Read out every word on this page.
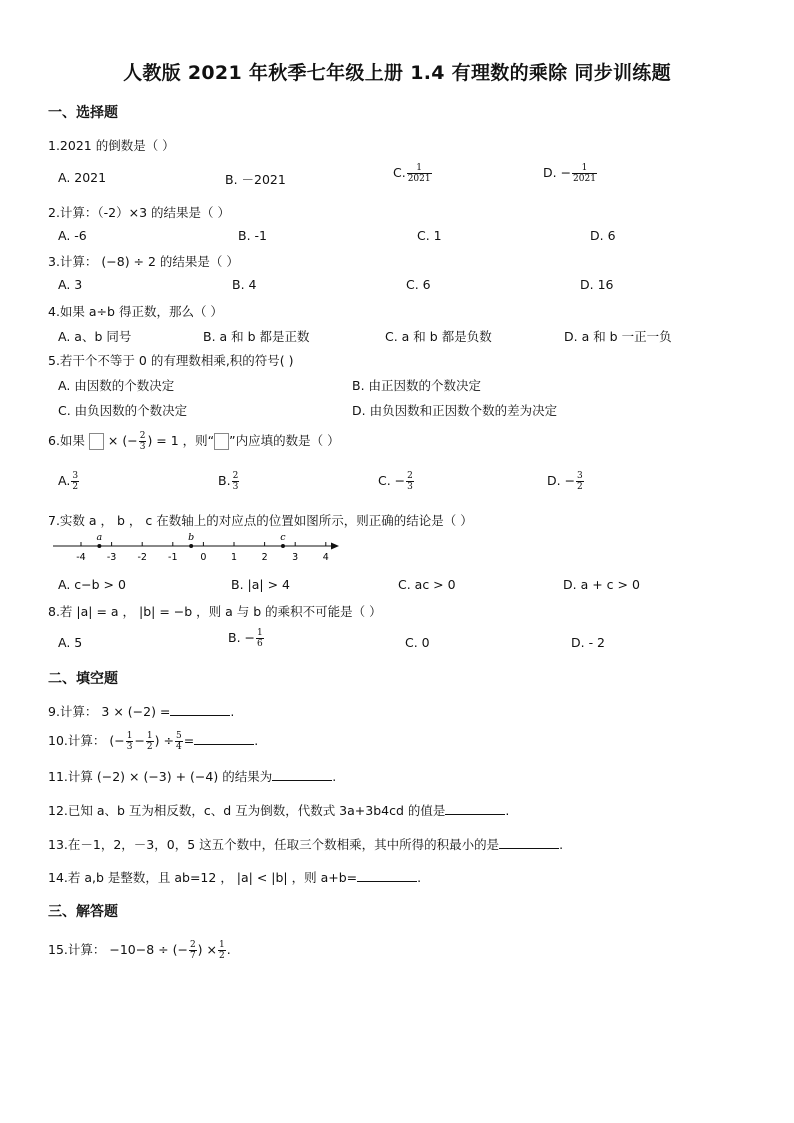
人教版 2021 年秋季七年级上册 1.4 有理数的乘除 同步训练题
一、选择题
1.2021 的倒数是（ ）
A. 2021	B. －2021	C. $\frac{1}{2021}$	D. − $\frac{1}{2021}$
2.计算：（-2）×3 的结果是（ ）
A. -6	B. -1	C. 1	D. 6
3.计算： (−8) ÷ 2 的结果是（ ）
A. 3	B. 4	C. 6	D. 16
4.如果 a÷b 得正数，那么（ ）
A. a、b 同号	B. a 和 b 都是正数	C. a 和 b 都是负数	D. a 和 b 一正一负
5.若干个不等于 0 的有理数相乘,积的符号( )
A. 由因数的个数决定	B. 由正因数的个数决定
C. 由负因数的个数决定	D. 由负因数和正因数个数的差为决定
6.如果 × (− $\frac{2}{3}$ ) = 1 ，则“ ”内应填的数是（ ）
A. $\frac{3}{2}$	B. $\frac{2}{3}$	C. − $\frac{2}{3}$	D. − $\frac{3}{2}$
7.实数 a ， b ， c 在数轴上的对应点的位置如图所示，则正确的结论是（ ）
-4 -3 -2 -1 0	1	2	3	4
a	b	c
A. c−b > 0	B. |a| > 4	C. ac > 0	D. a + c > 0
8.若 |a| = a ， |b| = −b ，则 a 与 b 的乘积不可能是（ ）
A. 5	B. − $\frac{1}{6}$	C. 0	D. - 2
二、填空题
9.计算： 3 × (−2) =	.
10.计算： (− $\frac{1}{3} - \frac{1}{2}$ ) ÷ $\frac{5}{4}$ =	.
11.计算 (−2) × (−3) + (−4) 的结果为	.
12.已知 a、b 互为相反数，c、d 互为倒数，代数式 3a+3b4cd 的值是	.
13.在－1，2，－3，0，5 这五个数中，任取三个数相乘，其中所得的积最小的是	.
14.若 a,b 是整数，且 ab=12 ， |a| < |b| ，则 a+b=	.
三、解答题
15.计算： −10−8 ÷ (− $\frac{2}{7}$ ) × $\frac{1}{2}$ .
